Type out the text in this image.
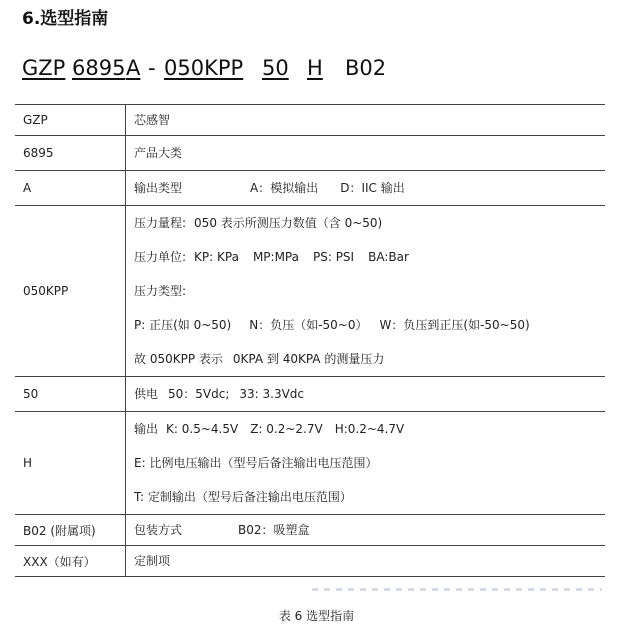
6.选型指南
GZP 6895 A - 050KPP 50 H B02
GZP	芯感智

6895	产品大类

A	输出类型 A：模拟输出 D：IIC 输出

050KPP	压力量程: 050 表示所测压力数值（含 0~50)
压力单位: KP: KPa MP:MPa PS: PSI BA:Bar
压力类型:
P: 正压(如 0~50) N：负压（如-50~0） W：负压到正压(如-50~50)
故 050KPP 表示 0KPA 到 40KPA 的测量压力

50	供电 50：5Vdc; 33: 3.3Vdc

H	输出 K: 0.5~4.5V Z: 0.2~2.7V H:0.2~4.7V
E: 比例电压输出（型号后备注输出电压范围）
T: 定制输出（型号后备注输出电压范围）

B02 (附属项)	包装方式 B02：吸塑盒

XXX（如有）	定制项
表 6 选型指南
